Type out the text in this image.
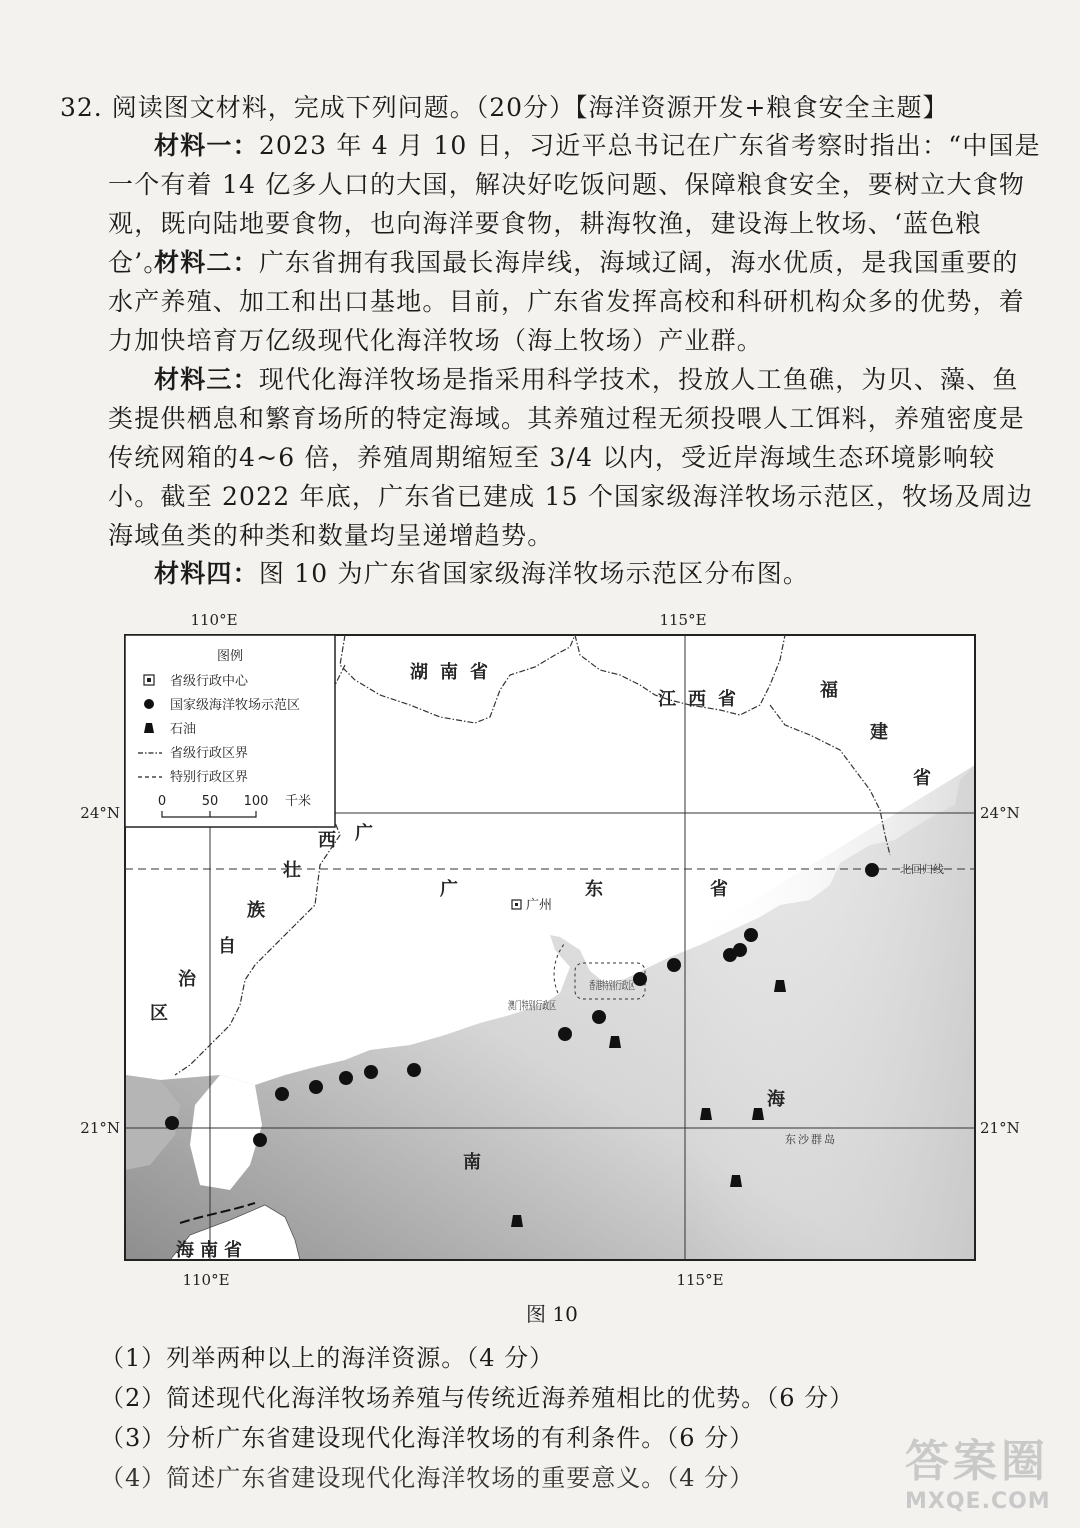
32. 阅读图文材料，完成下列问题。（20分）【海洋资源开发+粮食安全主题】
材料一：2023 年 4 月 10 日，习近平总书记在广东省考察时指出：“中国是一个有着 14 亿多人口的大国，解决好吃饭问题、保障粮食安全，要树立大食物观，既向陆地要食物，也向海洋要食物，耕海牧渔，建设海上牧场、‘蓝色粮仓’。”
材料二：广东省拥有我国最长海岸线，海域辽阔，海水优质，是我国重要的水产养殖、加工和出口基地。目前，广东省发挥高校和科研机构众多的优势，着力加快培育万亿级现代化海洋牧场（海上牧场）产业群。
材料三：现代化海洋牧场是指采用科学技术，投放人工鱼礁，为贝、藻、鱼类提供栖息和繁育场所的特定海域。其养殖过程无须投喂人工饵料，养殖密度是传统网箱的4~6 倍，养殖周期缩短至 3/4 以内，受近岸海域生态环境影响较小。截至 2022 年底，广东省已建成 15 个国家级海洋牧场示范区，牧场及周边海域鱼类的种类和数量均呈递增趋势。
材料四：图 10 为广东省国家级海洋牧场示范区分布图。
图例
省级行政中心
国家级海洋牧场示范区
石油
省级行政区界
特别行政区界
0	50 100 千米
110°E	115°E
110°E	115°E
24°N	24°N
21°N	21°N
湖南省
江西省	福
建
省
广
西
壮
族
自
治
区
广	东	省
海南省
广州
香港特别行政区
澳门特别行政区
北回归线
南
海
东沙群岛
图 10
（1）列举两种以上的海洋资源。（4 分）
（2）简述现代化海洋牧场养殖与传统近海养殖相比的优势。（6 分）
（3）分析广东省建设现代化海洋牧场的有利条件。（6 分）
（4）简述广东省建设现代化海洋牧场的重要意义。（4 分）	答案圈
MXQE.COM
